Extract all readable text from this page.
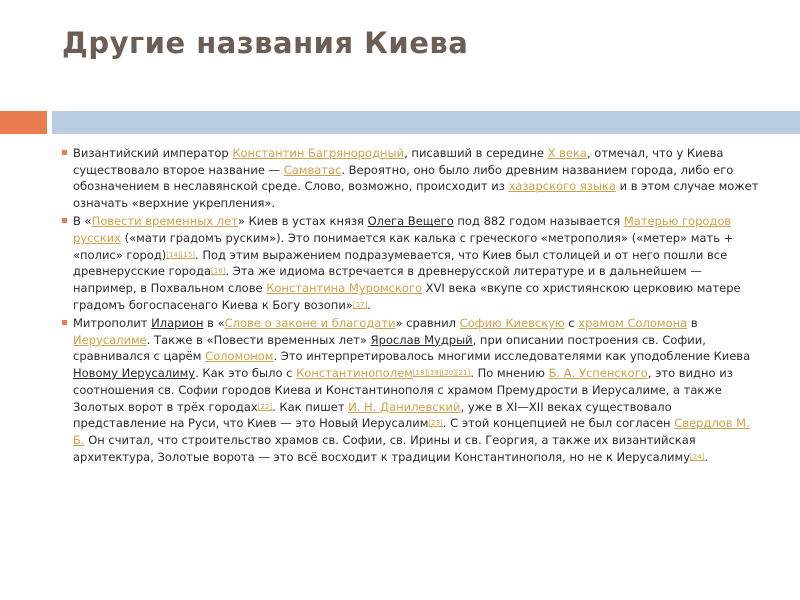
Другие названия Киева
Византийский император Константин Багрянородный, писавший в середине X века, отмечал, что у Киева существовало второе название — Самватас. Вероятно, оно было либо древним названием города, либо его обозначением в неславянской среде. Слово, возможно, происходит из хазарского языка и в этом случае может означать «верхние укрепления».
В «Повести временных лет» Киев в устах князя Олега Вещего под 882 годом называется Матерью городов русских («мати градомъ руским»). Это понимается как калька с греческого «метрополия» («метер» мать + «полис» город)[14][15]. Под этим выражением подразумевается, что Киев был столицей и от него пошли все древнерусские города[16]. Эта же идиома встречается в древнерусской литературе и в дальнейшем — например, в Похвальном слове Константина Муромского XVI века «вкупе со християнскою церковию матере градомъ богоспасенаго Киева к Богу возопи»[17].
Митрополит Иларион в «Слове о законе и благодати» сравнил Софию Киевскую с храмом Соломона в Иерусалиме. Также в «Повести временных лет» Ярослав Мудрый, при описании построения св. Софии, сравнивался с царём Соломоном. Это интерпретировалось многими исследователями как уподобление Киева Новому Иерусалиму. Как это было с Константинополем[18][19][20][21]. По мнению Б. А. Успенского, это видно из соотношения св. Софии городов Киева и Константинополя с храмом Премудрости в Иерусалиме, а также Золотых ворот в трёх городах[22]. Как пишет И. Н. Данилевский, уже в XI—XII веках существовало представление на Руси, что Киев — это Новый Иерусалим[23]. С этой концепцией не был согласен Свердлов М. Б. Он считал, что строительство храмов св. Софии, св. Ирины и св. Георгия, а также их византийская архитектура, Золотые ворота — это всё восходит к традиции Константинополя, но не к Иерусалиму[24].
